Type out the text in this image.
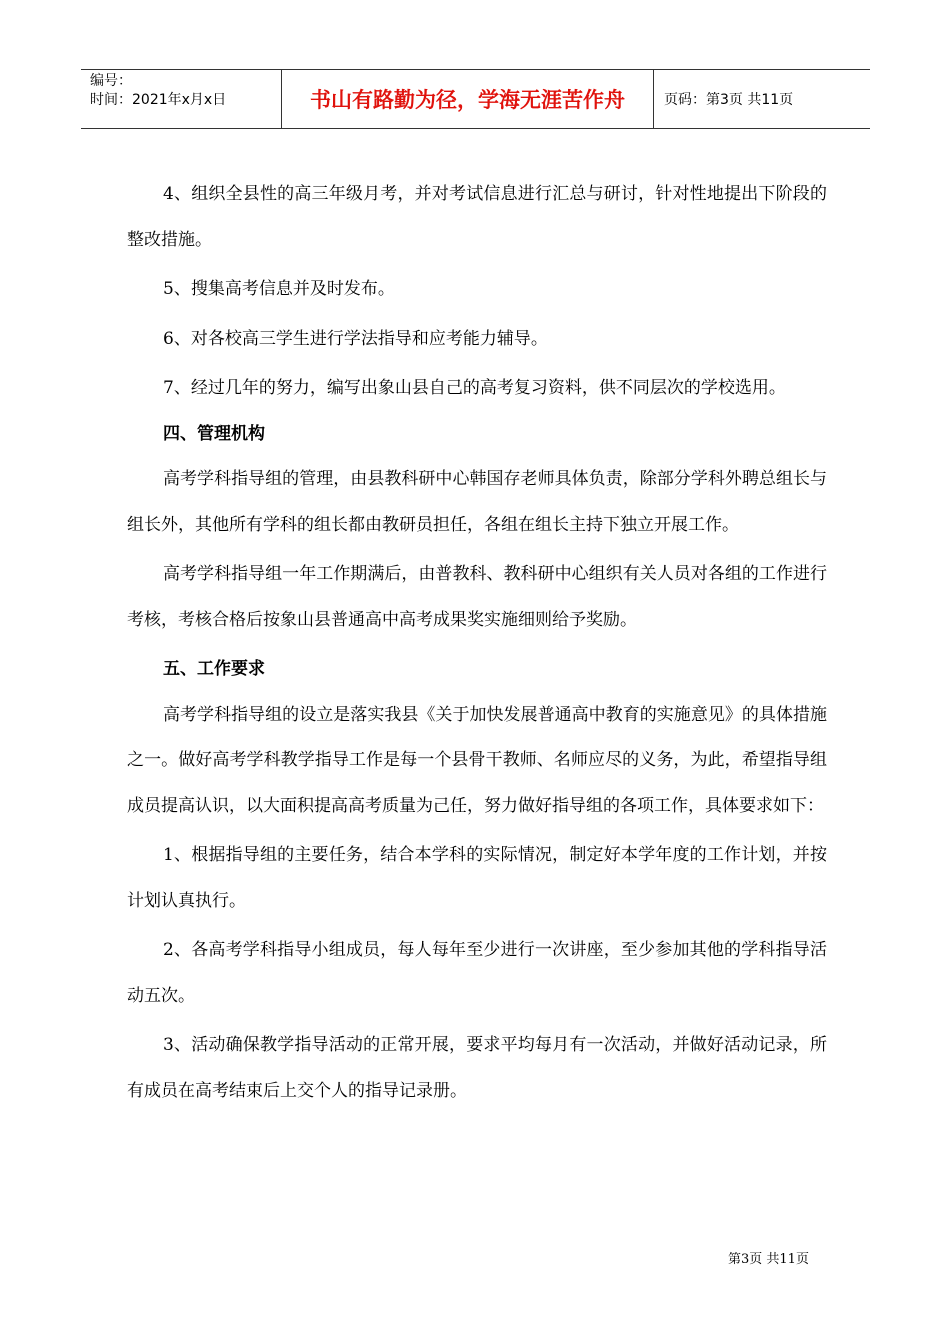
编号：
时间：2021年x月x日	书山有路勤为径，学海无涯苦作舟	页码：第3页 共11页

4、组织全县性的高三年级月考，并对考试信息进行汇总与研讨，针对性地提出下阶段的整改措施。

5、搜集高考信息并及时发布。

6、对各校高三学生进行学法指导和应考能力辅导。

7、经过几年的努力，编写出象山县自己的高考复习资料，供不同层次的学校选用。

四、管理机构

高考学科指导组的管理，由县教科研中心韩国存老师具体负责，除部分学科外聘总组长与组长外，其他所有学科的组长都由教研员担任，各组在组长主持下独立开展工作。

高考学科指导组一年工作期满后，由普教科、教科研中心组织有关人员对各组的工作进行考核，考核合格后按象山县普通高中高考成果奖实施细则给予奖励。

五、工作要求

高考学科指导组的设立是落实我县《关于加快发展普通高中教育的实施意见》的具体措施之一。做好高考学科教学指导工作是每一个县骨干教师、名师应尽的义务，为此，希望指导组成员提高认识，以大面积提高高考质量为己任，努力做好指导组的各项工作，具体要求如下：

1、根据指导组的主要任务，结合本学科的实际情况，制定好本学年度的工作计划，并按计划认真执行。

2、各高考学科指导小组成员，每人每年至少进行一次讲座，至少参加其他的学科指导活动五次。

3、活动确保教学指导活动的正常开展，要求平均每月有一次活动，并做好活动记录，所有成员在高考结束后上交个人的指导记录册。

第3页 共11页
